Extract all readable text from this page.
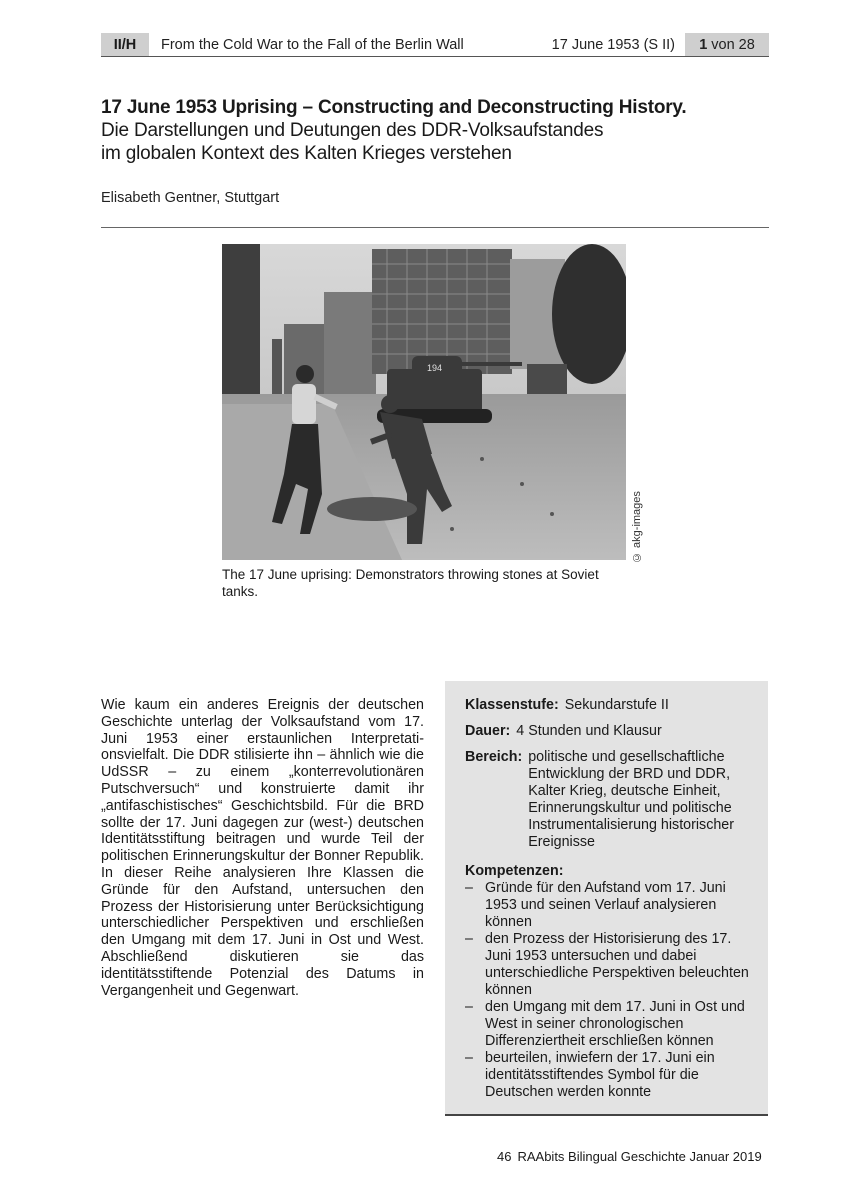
II/H	From the Cold War to the Fall of the Berlin Wall	17 June 1953 (S II)	1 von 28
17 June 1953 Uprising – Constructing and Deconstructing History.
Die Darstellungen und Deutungen des DDR-Volksaufstandes
im globalen Kontext des Kalten Krieges verstehen
Elisabeth Gentner, Stuttgart
194
© akg-images
The 17 June uprising: Demonstrators throwing stones at Soviet tanks.

Wie kaum ein anderes Ereignis der deutschen Geschichte unterlag der Volksaufstand vom 17. Juni 1953 einer erstaunlichen Interpretationsvielfalt. Die DDR stilisierte ihn – ähnlich wie die UdSSR – zu einem „konterrevolutionären Putschversuch“ und konstruierte damit ihr „antifaschistisches“ Geschichtsbild. Für die BRD sollte der 17. Juni dagegen zur (west-) deutschen Identitätsstiftung beitragen und wurde Teil der politischen Erinnerungskultur der Bonner Republik. In dieser Reihe analysieren Ihre Klassen die Gründe für den Aufstand, untersuchen den Prozess der Historisierung unter Berücksichtigung unterschiedlicher Perspektiven und erschließen den Umgang mit dem 17. Juni in Ost und West. Abschließend diskutieren sie das identitätsstiftende Potenzial des Datums in Vergangenheit und Gegenwart.

Klassenstufe: Sekundarstufe II
Dauer: 4 Stunden und Klausur
Bereich: politische und gesellschaftliche Entwicklung der BRD und DDR, Kalter Krieg, deutsche Einheit, Erinnerungskultur und politische Instrumentalisierung historischer Ereignisse
Kompetenzen:
– Gründe für den Aufstand vom 17. Juni 1953 und seinen Verlauf analysieren können
– den Prozess der Historisierung des 17. Juni 1953 untersuchen und dabei unterschiedliche Perspektiven beleuchten können
– den Umgang mit dem 17. Juni in Ost und West in seiner chronologischen Differenziertheit erschließen können
– beurteilen, inwiefern der 17. Juni ein identitätsstiftendes Symbol für die Deutschen werden konnte
46 RAAbits Bilingual Geschichte Januar 2019
